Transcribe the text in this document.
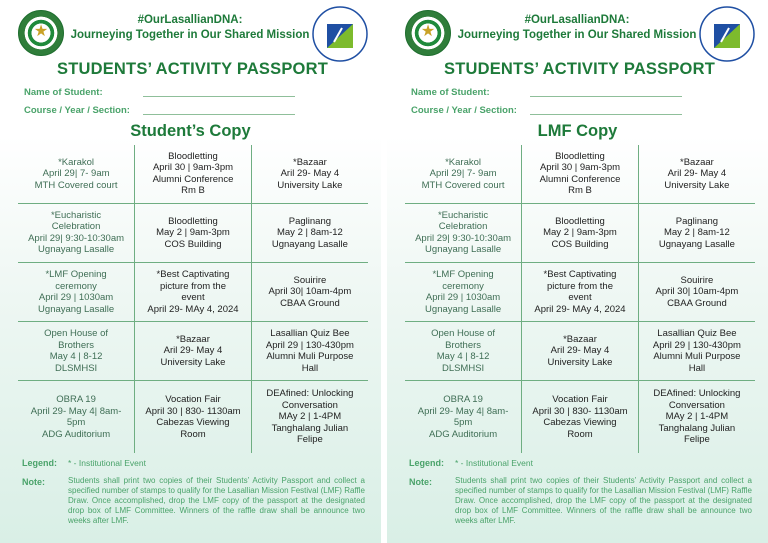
★
#OurLasallianDNA:
Journeying Together in Our Shared Mission
STUDENTS’ ACTIVITY PASSPORT
Name of Student:
Course / Year / Section:
Student’s Copy
*Karakol
April 29| 7- 9am
MTH Covered court	Bloodletting
April 30 | 9am-3pm
Alumni Conference
Rm B	*Bazaar
Aril 29- May 4
University Lake

*Eucharistic
Celebration
April 29| 9:30-10:30am
Ugnayang Lasalle	Bloodletting
May 2 | 9am-3pm
COS Building	Paglinang
May 2 | 8am-12
Ugnayang Lasalle

*LMF Opening
ceremony
April 29 | 1030am
Ugnayang Lasalle	*Best Captivating
picture from the
event
April 29- MAy 4, 2024	Souirire
April 30| 10am-4pm
CBAA Ground

Open House of
Brothers
May 4 | 8-12
DLSMHSI	*Bazaar
Aril 29- May 4
University Lake	Lasallian Quiz Bee
April 29 | 130-430pm
Alumni Muli Purpose
Hall

OBRA 19
April 29- May 4| 8am-
5pm
ADG Auditorium	Vocation Fair
April 30 | 830- 1130am
Cabezas Viewing
Room	DEAfined: Unlocking
Conversation
MAy 2 | 1-4PM
Tanghalang Julian
Felipe
Legend: * - Institutional Event
Note:	Students shall print two copies of their Students’ Activity Passport and collect a specified number of stamps to qualify for the Lasallian Mission Festival (LMF) Raffle Draw. Once accomplished, drop the LMF copy of the passport at the designated drop box of LMF Committee. Winners of the raffle draw shall be announce two weeks after LMF.
★
#OurLasallianDNA:
Journeying Together in Our Shared Mission
STUDENTS’ ACTIVITY PASSPORT
Name of Student:
Course / Year / Section:
LMF Copy
*Karakol
April 29| 7- 9am
MTH Covered court	Bloodletting
April 30 | 9am-3pm
Alumni Conference
Rm B	*Bazaar
Aril 29- May 4
University Lake

*Eucharistic
Celebration
April 29| 9:30-10:30am
Ugnayang Lasalle	Bloodletting
May 2 | 9am-3pm
COS Building	Paglinang
May 2 | 8am-12
Ugnayang Lasalle

*LMF Opening
ceremony
April 29 | 1030am
Ugnayang Lasalle	*Best Captivating
picture from the
event
April 29- MAy 4, 2024	Souirire
April 30| 10am-4pm
CBAA Ground

Open House of
Brothers
May 4 | 8-12
DLSMHSI	*Bazaar
Aril 29- May 4
University Lake	Lasallian Quiz Bee
April 29 | 130-430pm
Alumni Muli Purpose
Hall

OBRA 19
April 29- May 4| 8am-
5pm
ADG Auditorium	Vocation Fair
April 30 | 830- 1130am
Cabezas Viewing
Room	DEAfined: Unlocking
Conversation
MAy 2 | 1-4PM
Tanghalang Julian
Felipe
Legend: * - Institutional Event
Note:	Students shall print two copies of their Students’ Activity Passport and collect a specified number of stamps to qualify for the Lasallian Mission Festival (LMF) Raffle Draw. Once accomplished, drop the LMF copy of the passport at the designated drop box of LMF Committee. Winners of the raffle draw shall be announce two weeks after LMF.
